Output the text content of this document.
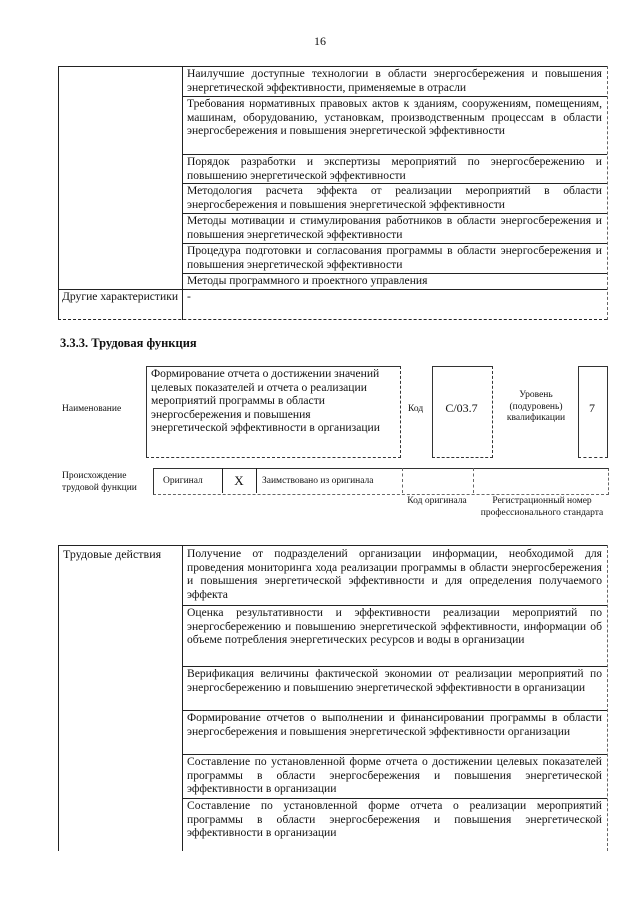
16
Наилучшие доступные технологии в области энергосбережения и повышения энергетической эффективности, применяемые в отрасли
Требования нормативных правовых актов к зданиям, сооружениям, помещениям, машинам, оборудованию, установкам, производственным процессам в области энергосбережения и повышения энергетической эффективности
Порядок разработки и экспертизы мероприятий по энергосбережению и повышению энергетической эффективности
Методология расчета эффекта от реализации мероприятий в области энергосбережения и повышения энергетической эффективности
Методы мотивации и стимулирования работников в области энергосбережения и повышения энергетической эффективности
Процедура подготовки и согласования программы в области энергосбережения и повышения энергетической эффективности
Методы программного и проектного управления
Другие характеристики -
3.3.3. Трудовая функция
Наименование
Формирование отчета о достижении значений целевых показателей и отчета о реализации мероприятий программы в области энергосбережения и повышения энергетической эффективности в организации
Код	C/03.7
Уровень (подуровень) квалификации
7
Происхождение трудовой функции
Оригинал	X	Заимствовано из оригинала
Код оригинала	Регистрационный номер профессионального стандарта
Трудовые действия	Получение от подразделений организации информации, необходимой для проведения мониторинга хода реализации программы в области энергосбережения и повышения энергетической эффективности и для определения получаемого эффекта
Оценка результативности и эффективности реализации мероприятий по энергосбережению и повышению энергетической эффективности, информации об объеме потребления энергетических ресурсов и воды в организации
Верификация величины фактической экономии от реализации мероприятий по энергосбережению и повышению энергетической эффективности в организации
Формирование отчетов о выполнении и финансировании программы в области энергосбережения и повышения энергетической эффективности организации
Составление по установленной форме отчета о достижении целевых показателей программы в области энергосбережения и повышения энергетической эффективности в организации
Составление по установленной форме отчета о реализации мероприятий программы в области энергосбережения и повышения энергетической эффективности в организации
